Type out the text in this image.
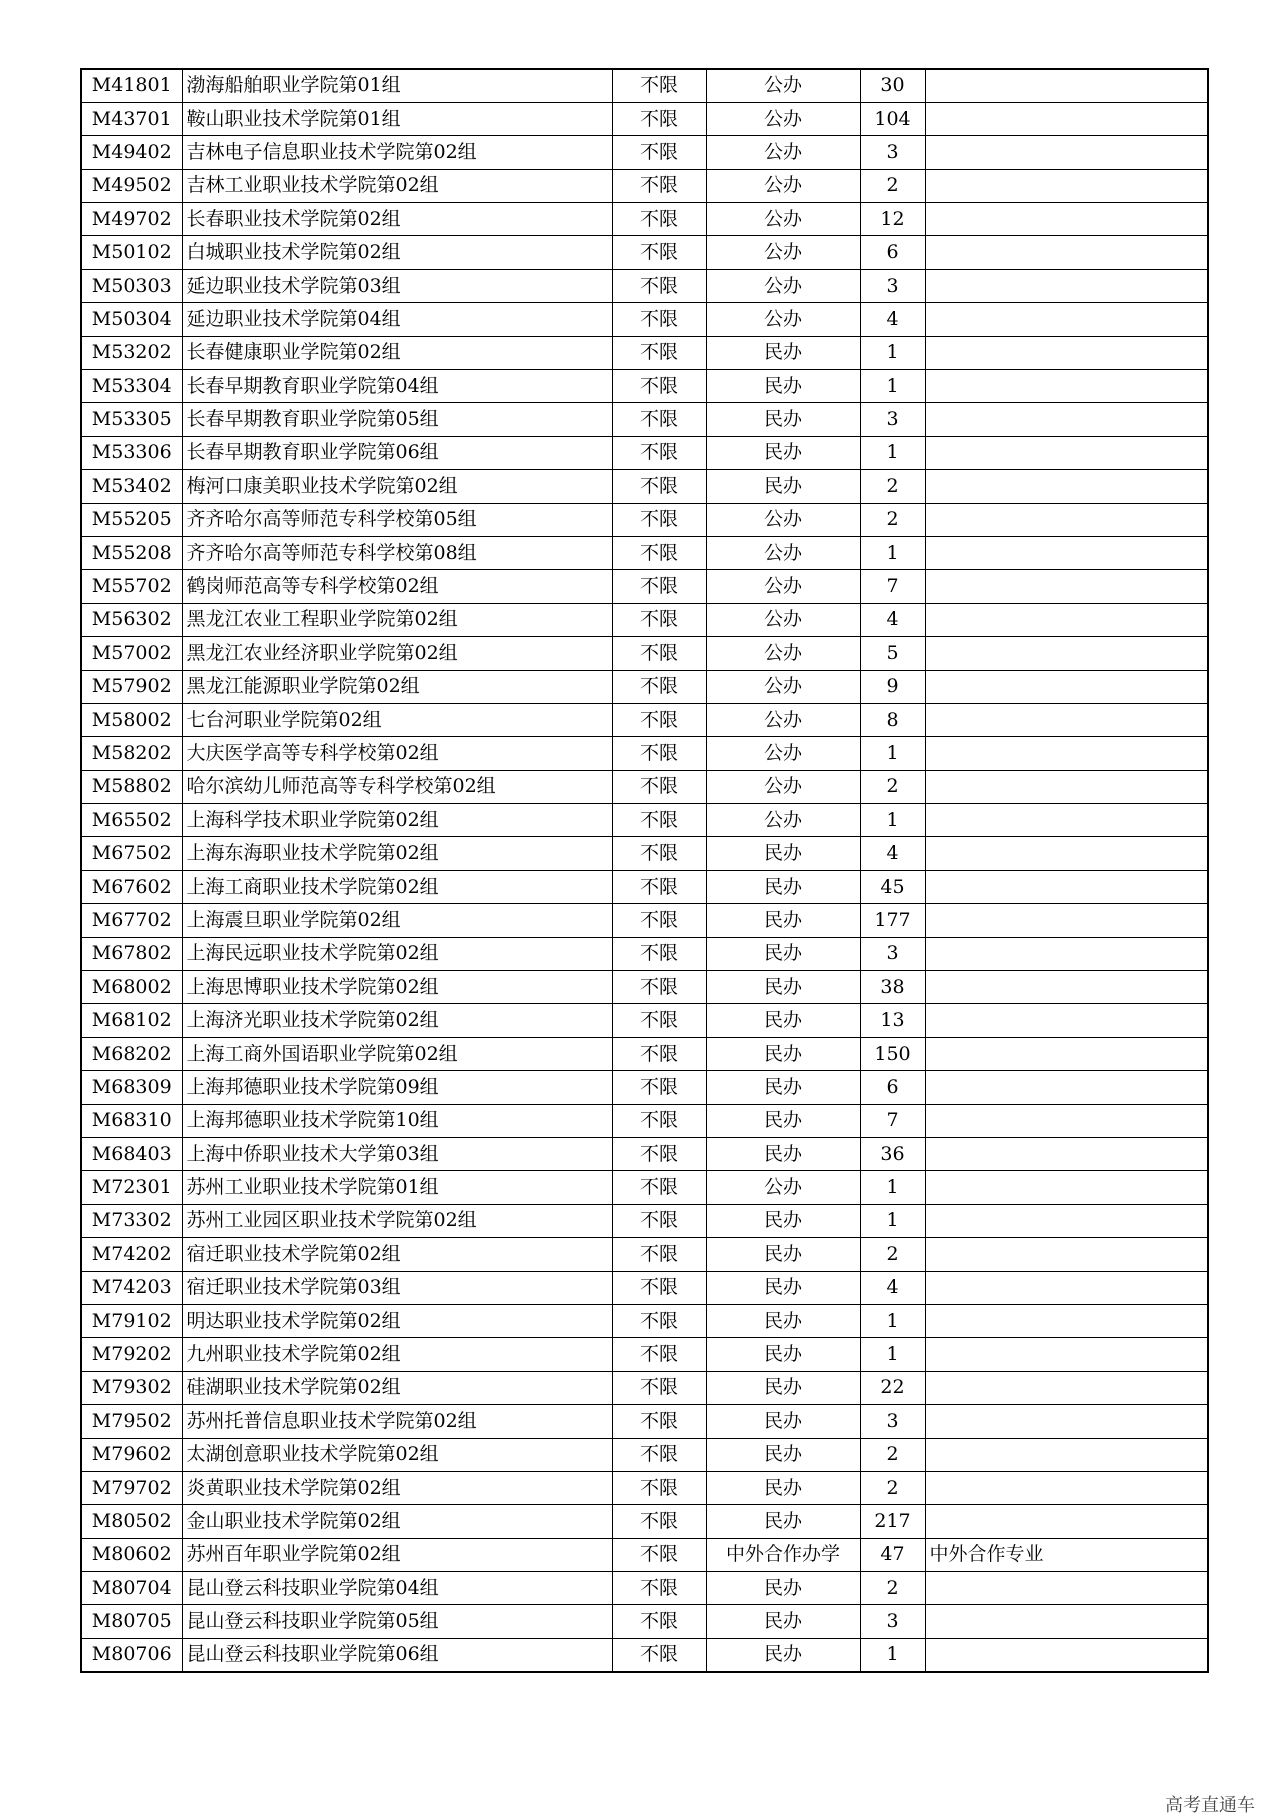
M41801	渤海船舶职业学院第01组	不限	公办	30	
M43701	鞍山职业技术学院第01组	不限	公办	104	
M49402	吉林电子信息职业技术学院第02组	不限	公办	3	
M49502	吉林工业职业技术学院第02组	不限	公办	2	
M49702	长春职业技术学院第02组	不限	公办	12	
M50102	白城职业技术学院第02组	不限	公办	6	
M50303	延边职业技术学院第03组	不限	公办	3	
M50304	延边职业技术学院第04组	不限	公办	4	
M53202	长春健康职业学院第02组	不限	民办	1	
M53304	长春早期教育职业学院第04组	不限	民办	1	
M53305	长春早期教育职业学院第05组	不限	民办	3	
M53306	长春早期教育职业学院第06组	不限	民办	1	
M53402	梅河口康美职业技术学院第02组	不限	民办	2	
M55205	齐齐哈尔高等师范专科学校第05组	不限	公办	2	
M55208	齐齐哈尔高等师范专科学校第08组	不限	公办	1	
M55702	鹤岗师范高等专科学校第02组	不限	公办	7	
M56302	黑龙江农业工程职业学院第02组	不限	公办	4	
M57002	黑龙江农业经济职业学院第02组	不限	公办	5	
M57902	黑龙江能源职业学院第02组	不限	公办	9	
M58002	七台河职业学院第02组	不限	公办	8	
M58202	大庆医学高等专科学校第02组	不限	公办	1	
M58802	哈尔滨幼儿师范高等专科学校第02组	不限	公办	2	
M65502	上海科学技术职业学院第02组	不限	公办	1	
M67502	上海东海职业技术学院第02组	不限	民办	4	
M67602	上海工商职业技术学院第02组	不限	民办	45	
M67702	上海震旦职业学院第02组	不限	民办	177	
M67802	上海民远职业技术学院第02组	不限	民办	3	
M68002	上海思博职业技术学院第02组	不限	民办	38	
M68102	上海济光职业技术学院第02组	不限	民办	13	
M68202	上海工商外国语职业学院第02组	不限	民办	150	
M68309	上海邦德职业技术学院第09组	不限	民办	6	
M68310	上海邦德职业技术学院第10组	不限	民办	7	
M68403	上海中侨职业技术大学第03组	不限	民办	36	
M72301	苏州工业职业技术学院第01组	不限	公办	1	
M73302	苏州工业园区职业技术学院第02组	不限	民办	1	
M74202	宿迁职业技术学院第02组	不限	民办	2	
M74203	宿迁职业技术学院第03组	不限	民办	4	
M79102	明达职业技术学院第02组	不限	民办	1	
M79202	九州职业技术学院第02组	不限	民办	1	
M79302	硅湖职业技术学院第02组	不限	民办	22	
M79502	苏州托普信息职业技术学院第02组	不限	民办	3	
M79602	太湖创意职业技术学院第02组	不限	民办	2	
M79702	炎黄职业技术学院第02组	不限	民办	2	
M80502	金山职业技术学院第02组	不限	民办	217	
M80602	苏州百年职业学院第02组	不限	中外合作办学	47	中外合作专业
M80704	昆山登云科技职业学院第04组	不限	民办	2	
M80705	昆山登云科技职业学院第05组	不限	民办	3	
M80706	昆山登云科技职业学院第06组	不限	民办	1	
高考直通车
